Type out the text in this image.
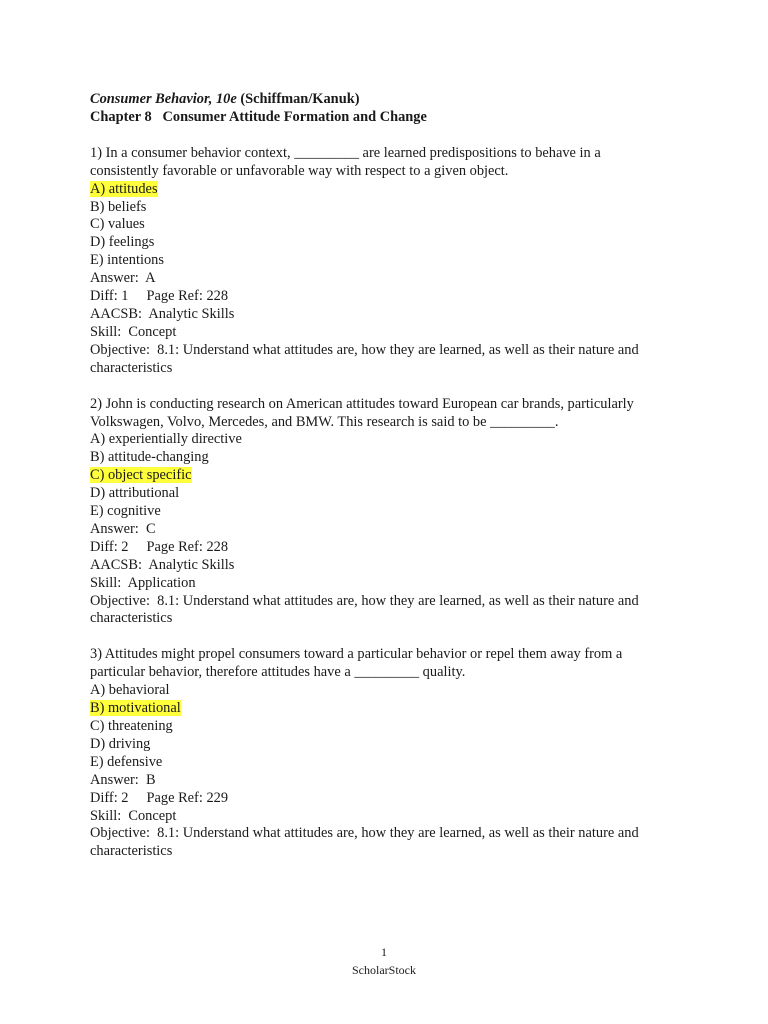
Consumer Behavior, 10e (Schiffman/Kanuk)
Chapter 8   Consumer Attitude Formation and Change
1) In a consumer behavior context, _________ are learned predispositions to behave in a
consistently favorable or unfavorable way with respect to a given object.
A) attitudes
B) beliefs
C) values
D) feelings
E) intentions
Answer:  A
Diff: 1     Page Ref: 228
AACSB:  Analytic Skills
Skill:  Concept
Objective:  8.1: Understand what attitudes are, how they are learned, as well as their nature and
characteristics
2) John is conducting research on American attitudes toward European car brands, particularly
Volkswagen, Volvo, Mercedes, and BMW. This research is said to be _________.
A) experientially directive
B) attitude-changing
C) object specific
D) attributional
E) cognitive
Answer:  C
Diff: 2     Page Ref: 228
AACSB:  Analytic Skills
Skill:  Application
Objective:  8.1: Understand what attitudes are, how they are learned, as well as their nature and
characteristics
3) Attitudes might propel consumers toward a particular behavior or repel them away from a
particular behavior, therefore attitudes have a _________ quality.
A) behavioral
B) motivational
C) threatening
D) driving
E) defensive
Answer:  B
Diff: 2     Page Ref: 229
Skill:  Concept
Objective:  8.1: Understand what attitudes are, how they are learned, as well as their nature and
characteristics
1
ScholarStock
